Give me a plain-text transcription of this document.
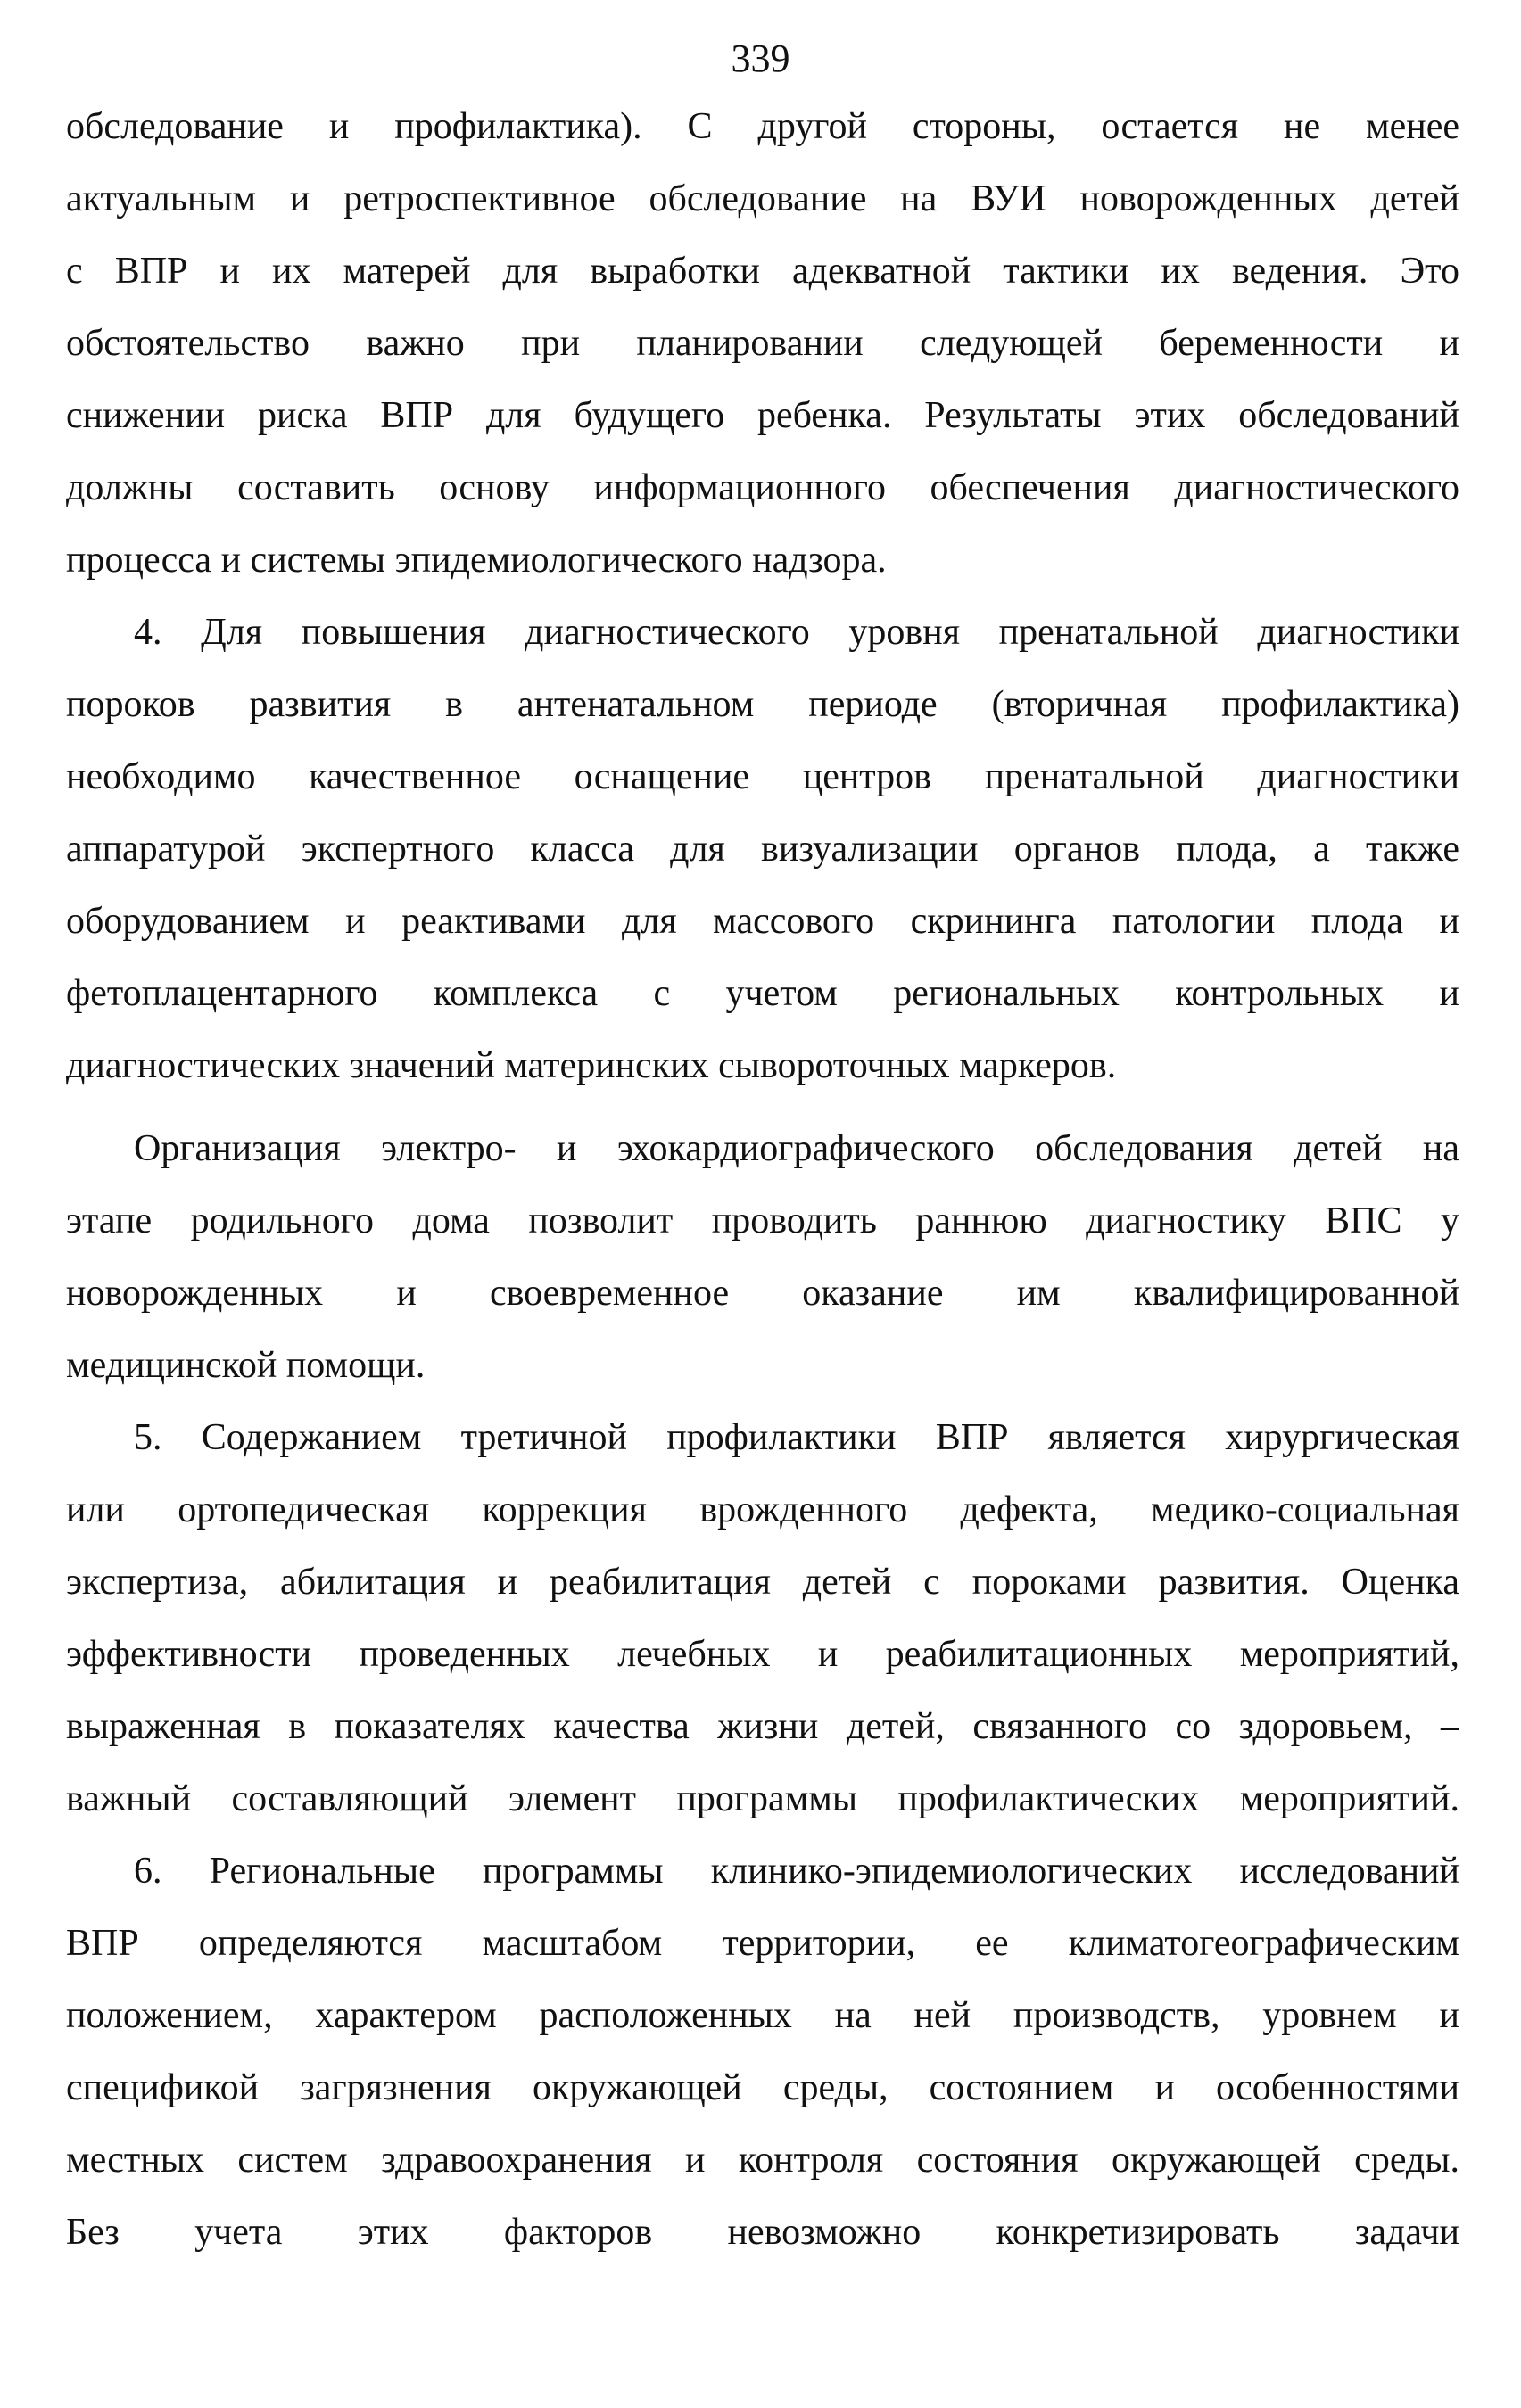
339
обследование и профилактика). С другой стороны, остается не менее
актуальным и ретроспективное обследование на ВУИ новорожденных детей
с ВПР и их матерей для выработки адекватной тактики их ведения. Это
обстоятельство важно при планировании следующей беременности и
снижении риска ВПР для будущего ребенка. Результаты этих обследований
должны составить основу информационного обеспечения диагностического
процесса и системы эпидемиологического надзора.
4. Для повышения диагностического уровня пренатальной диагностики
пороков развития в антенатальном периоде (вторичная профилактика)
необходимо качественное оснащение центров пренатальной диагностики
аппаратурой экспертного класса для визуализации органов плода, а также
оборудованием и реактивами для массового скрининга патологии плода и
фетоплацентарного комплекса с учетом региональных контрольных и
диагностических значений материнских сывороточных маркеров.
Организация электро- и эхокардиографического обследования детей на
этапе родильного дома позволит проводить раннюю диагностику ВПС у
новорожденных и своевременное оказание им квалифицированной
медицинской помощи.
5. Содержанием третичной профилактики ВПР является хирургическая
или ортопедическая коррекция врожденного дефекта, медико-социальная
экспертиза, абилитация и реабилитация детей с пороками развития. Оценка
эффективности проведенных лечебных и реабилитационных мероприятий,
выраженная в показателях качества жизни детей, связанного со здоровьем, –
важный составляющий элемент программы профилактических мероприятий.
6. Региональные программы клинико-эпидемиологических исследований
ВПР определяются масштабом территории, ее климатогеографическим
положением, характером расположенных на ней производств, уровнем и
спецификой загрязнения окружающей среды, состоянием и особенностями
местных систем здравоохранения и контроля состояния окружающей среды.
Без учета этих факторов невозможно конкретизировать задачи
